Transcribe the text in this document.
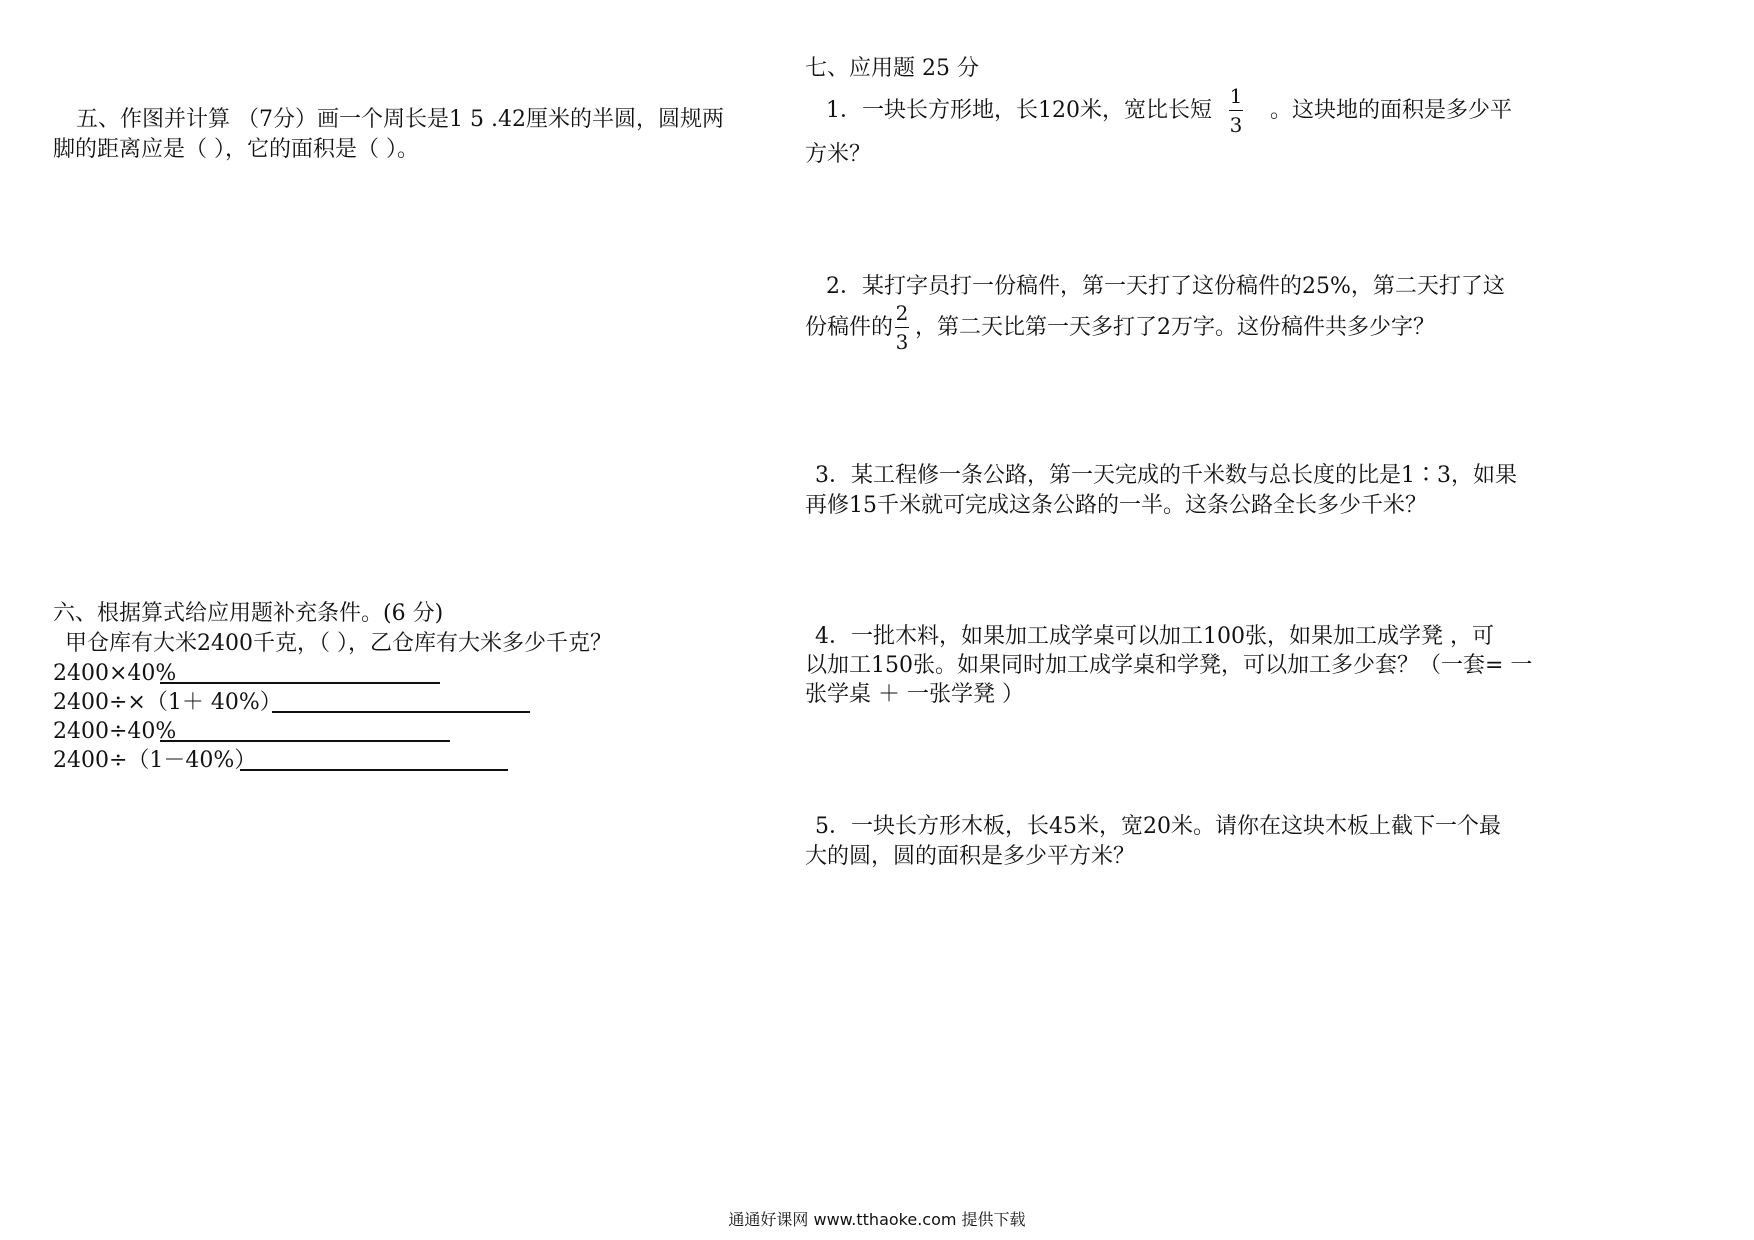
五、作图并计算 （7分）画一个周长是1 5 .42厘米的半圆，圆规两
脚的距离应是（ ），它的面积是（ ）。
六、根据算式给应用题补充条件。(6 分)
甲仓库有大米2400千克，（ ），乙仓库有大米多少千克？
2400×40%
2400÷×（1＋ 40%）
2400÷40%
2400÷（1－40%）
七、应用题 25 分
1．一块长方形地，长120米，宽比长短
1
3
。这块地的面积是多少平
方米？
2．某打字员打一份稿件，第一天打了这份稿件的25%，第二天打了这
份稿件的
2
3
，第二天比第一天多打了2万字。这份稿件共多少字？
3．某工程修一条公路，第一天完成的千米数与总长度的比是1∶3，如果
再修15千米就可完成这条公路的一半。这条公路全长多少千米？
4．一批木料，如果加工成学桌可以加工100张，如果加工成学凳 ，可
以加工150张。如果同时加工成学桌和学凳，可以加工多少套？（一套= 一
张学桌 ＋ 一张学凳 ）
5．一块长方形木板，长45米，宽20米。请你在这块木板上截下一个最
大的圆，圆的面积是多少平方米？
通通好课网 www.tthaoke.com 提供下载
